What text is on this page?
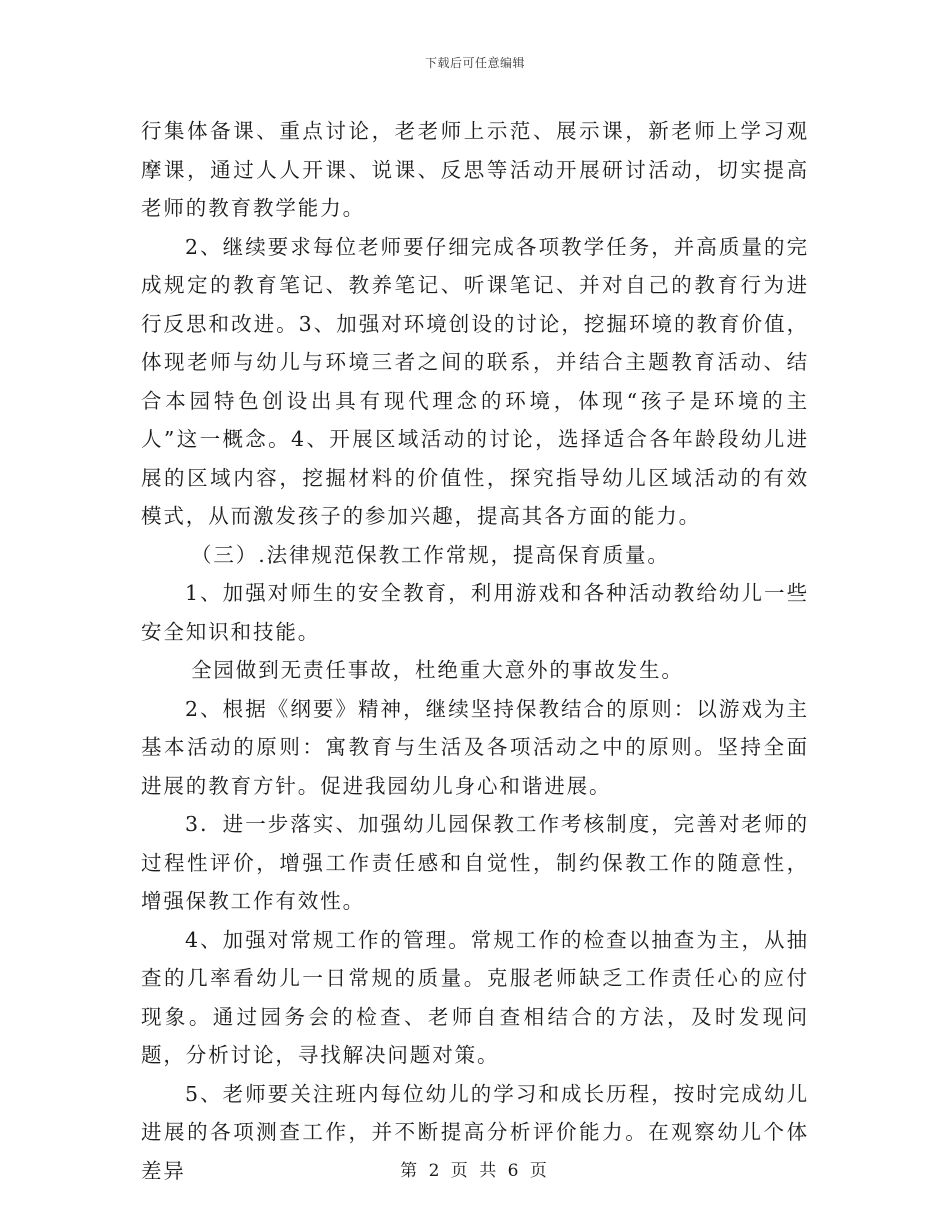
下载后可任意编辑

行集体备课、重点讨论，老老师上示范、展示课，新老师上学习观摩课，通过人人开课、说课、反思等活动开展研讨活动，切实提高老师的教育教学能力。

2、继续要求每位老师要仔细完成各项教学任务，并高质量的完成规定的教育笔记、教养笔记、听课笔记、并对自己的教育行为进行反思和改进。3、加强对环境创设的讨论，挖掘环境的教育价值，体现老师与幼儿与环境三者之间的联系，并结合主题教育活动、结合本园特色创设出具有现代理念的环境，体现“孩子是环境的主人”这一概念。4、开展区域活动的讨论，选择适合各年龄段幼儿进展的区域内容，挖掘材料的价值性，探究指导幼儿区域活动的有效模式，从而激发孩子的参加兴趣，提高其各方面的能力。

（三）.法律规范保教工作常规，提高保育质量。

1、加强对师生的安全教育，利用游戏和各种活动教给幼儿一些安全知识和技能。

全园做到无责任事故，杜绝重大意外的事故发生。

2、根据《纲要》精神，继续坚持保教结合的原则：以游戏为主基本活动的原则：寓教育与生活及各项活动之中的原则。坚持全面进展的教育方针。促进我园幼儿身心和谐进展。

3．进一步落实、加强幼儿园保教工作考核制度，完善对老师的过程性评价，增强工作责任感和自觉性，制约保教工作的随意性，增强保教工作有效性。

4、加强对常规工作的管理。常规工作的检查以抽查为主，从抽查的几率看幼儿一日常规的质量。克服老师缺乏工作责任心的应付现象。通过园务会的检查、老师自查相结合的方法，及时发现问题，分析讨论，寻找解决问题对策。

5、老师要关注班内每位幼儿的学习和成长历程，按时完成幼儿进展的各项测查工作，并不断提高分析评价能力。在观察幼儿个体差异	第 2 页 共 6 页
